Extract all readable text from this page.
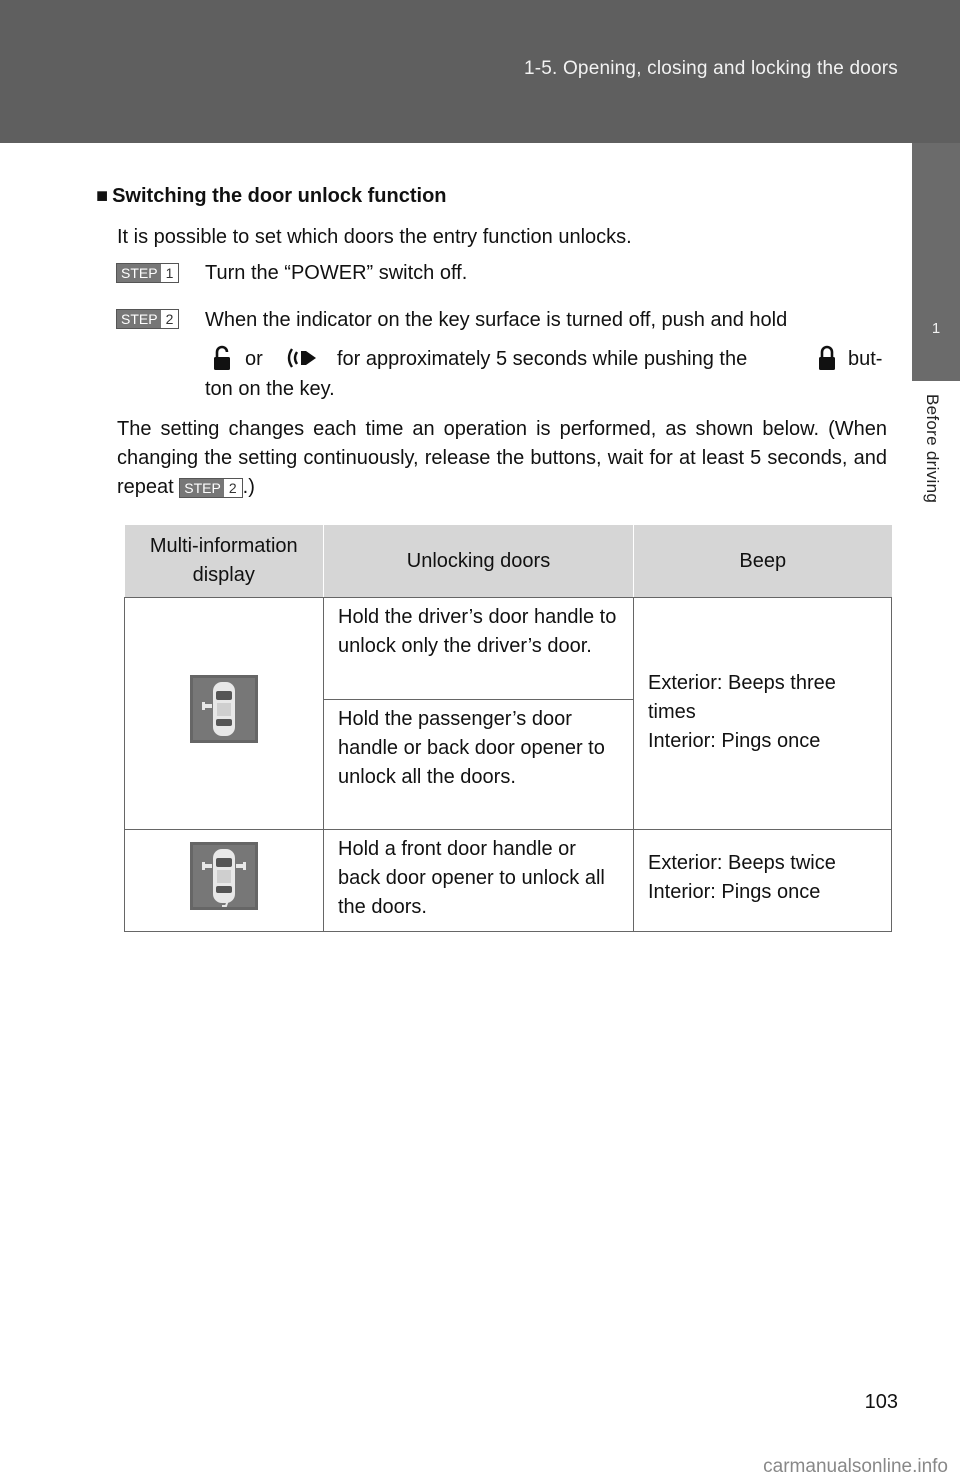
1-5. Opening, closing and locking the doors
1
Before driving
■ Switching the door unlock function
It is possible to set which doors the entry function unlocks.
STEP 1	Turn the “POWER” switch off.
STEP 2	When the indicator on the key surface is turned off, push and hold
or	for approximately 5 seconds while pushing the	but-
ton on the key.
The setting changes each time an operation is performed, as shown below. (When changing the setting continuously, release the buttons, wait for at least 5 seconds, and repeat STEP 2 .)
Multi-information display	Unlocking doors	Beep
	Hold the driver’s door handle to unlock only the driver’s door.	Exterior: Beeps three times
Interior: Pings once

	Hold the passenger’s door handle or back door opener to unlock all the doors.	
	Hold a front door handle or back door opener to unlock all the doors.	Exterior: Beeps twice
Interior: Pings once
103
carmanualsonline.info
